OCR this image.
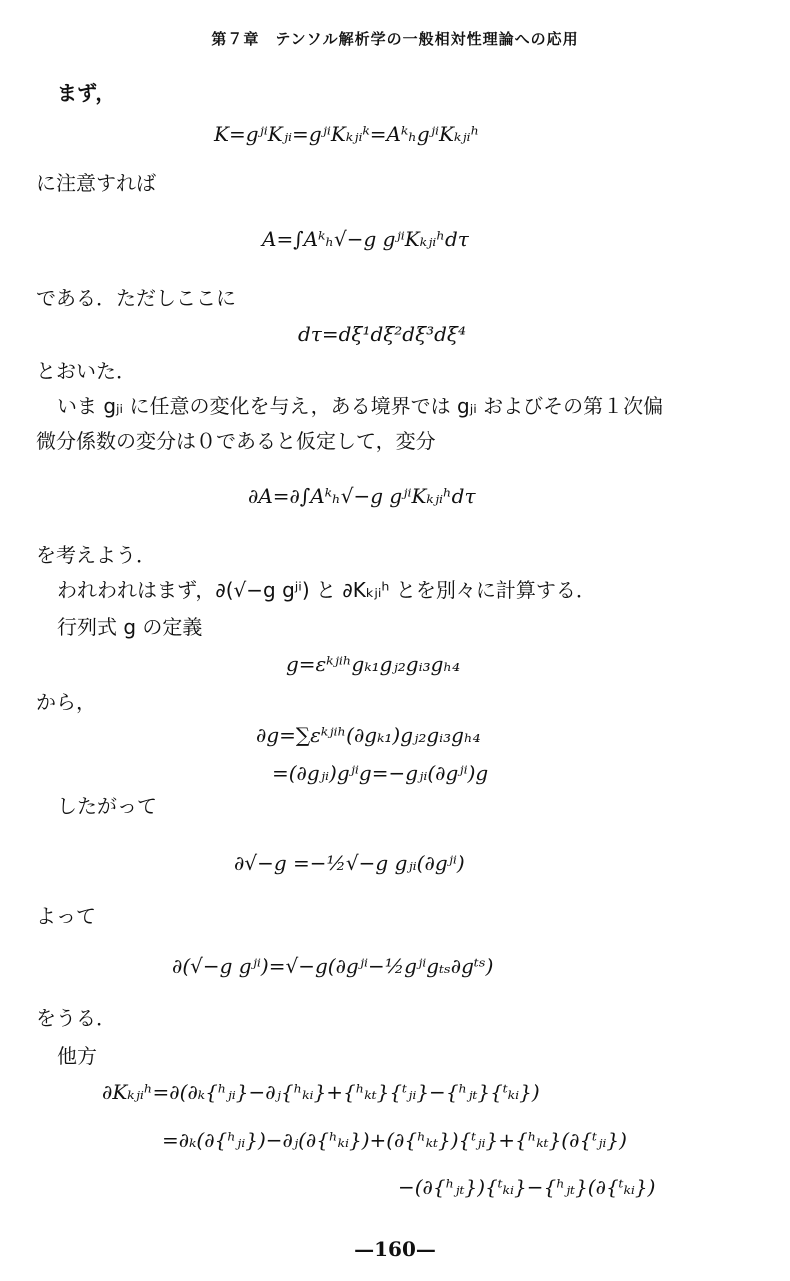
第７章　テンソル解析学の一般相対性理論への応用
まず，
K=gʲⁱKⱼᵢ=gʲⁱKₖⱼᵢᵏ=AᵏₕgʲⁱKₖⱼᵢʰ
に注意すれば
A=∫Aᵏₕ√−g gʲⁱKₖⱼᵢʰdτ
である．ただしここに
dτ=dξ¹dξ²dξ³dξ⁴
とおいた．
いま gⱼᵢ に任意の変化を与え，ある境界では gⱼᵢ およびその第１次偏
微分係数の変分は０であると仮定して，変分
∂A=∂∫Aᵏₕ√−g gʲⁱKₖⱼᵢʰdτ
を考えよう．
われわれはまず，∂(√−g gʲⁱ) と ∂Kₖⱼᵢʰ とを別々に計算する．
行列式 g の定義
g=εᵏʲⁱʰgₖ₁gⱼ₂gᵢ₃gₕ₄
から，
∂g=∑εᵏʲⁱʰ(∂gₖ₁)gⱼ₂gᵢ₃gₕ₄
=(∂gⱼᵢ)gʲⁱg=−gⱼᵢ(∂gʲⁱ)g
したがって
∂√−g =−½√−g gⱼᵢ(∂gʲⁱ)
よって
∂(√−g gʲⁱ)=√−g(∂gʲⁱ−½gʲⁱgₜₛ∂gᵗˢ)
をうる．
他方
∂Kₖⱼᵢʰ=∂(∂ₖ{ʰⱼᵢ}−∂ⱼ{ʰₖᵢ}+{ʰₖₜ}{ᵗⱼᵢ}−{ʰⱼₜ}{ᵗₖᵢ})
=∂ₖ(∂{ʰⱼᵢ})−∂ⱼ(∂{ʰₖᵢ})+(∂{ʰₖₜ}){ᵗⱼᵢ}+{ʰₖₜ}(∂{ᵗⱼᵢ})
−(∂{ʰⱼₜ}){ᵗₖᵢ}−{ʰⱼₜ}(∂{ᵗₖᵢ})
—160—
